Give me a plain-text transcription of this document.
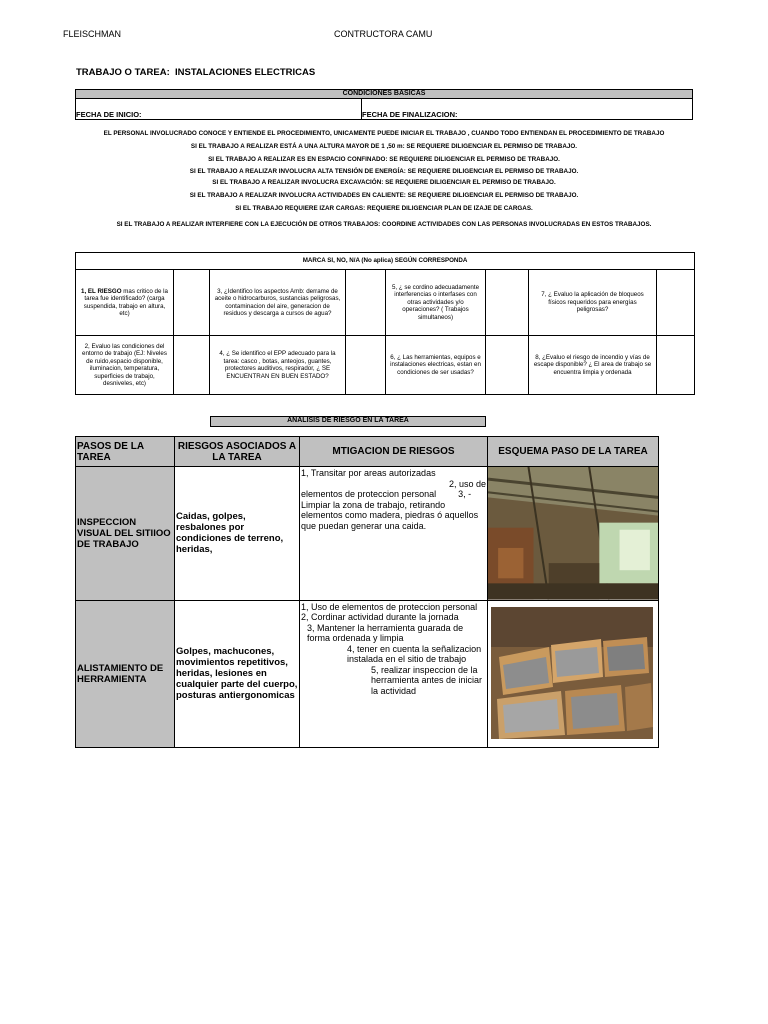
FLEISCHMAN	CONTRUCTORA CAMU
TRABAJO O TAREA: INSTALACIONES ELECTRICAS
CONDICIONES BASICAS
FECHA DE INICIO:	FECHA DE FINALIZACION:
EL PERSONAL INVOLUCRADO CONOCE Y ENTIENDE EL PROCEDIMIENTO, UNICAMENTE PUEDE INICIAR EL TRABAJO , CUANDO TODO ENTIENDAN EL PROCEDIMIENTO DE TRABAJO
SI EL TRABAJO A REALIZAR ESTÁ A UNA ALTURA MAYOR DE 1 ,50 m: SE REQUIERE DILIGENCIAR EL PERMISO DE TRABAJO.
SI EL TRABAJO A REALIZAR ES EN ESPACIO CONFINADO: SE REQUIERE DILIGENCIAR EL PERMISO DE TRABAJO.
SI EL TRABAJO A REALIZAR INVOLUCRA ALTA TENSIÓN DE ENERGÍA: SE REQUIERE DILIGENCIAR EL PERMISO DE TRABAJO.
SI EL TRABAJO A REALIZAR INVOLUCRA EXCAVACIÓN: SE REQUIERE DILIGENCIAR EL PERMISO DE TRABAJO.
SI EL TRABAJO A REALIZAR INVOLUCRA ACTIVIDADES EN CALIENTE: SE REQUIERE DILIGENCIAR EL PERMISO DE TRABAJO.
SI EL TRABAJO REQUIERE IZAR CARGAS: REQUIERE DILIGENCIAR PLAN DE IZAJE DE CARGAS.
SI EL TRABAJO A REALIZAR INTERFIERE CON LA EJECUCIÓN DE OTROS TRABAJOS: COORDINE ACTIVIDADES CON LAS PERSONAS INVOLUCRADAS EN ESTOS TRABAJOS.
MARCA SI, NO, N/A (No aplica) SEGÚN CORRESPONDA							
1, EL RIESGO mas critico de la tarea fue identificado? (carga suspendida, trabajo en altura, etc)		3, ¿Identifico los aspectos Amb: derrame de aceite o hidrocarburos, sustancias peligrosas, contaminacion del aire, generacion de residuos y descarga a cursos de agua?		5, ¿ se cordino adecuadamente interferencias o interfases con otras actividades y/o operaciones? ( Trabajos simultaneos)		7, ¿ Evaluo la aplicación de bloqueos físicos requeridos para energías peligrosas?	
2, Evaluo las condiciones del entorno de trabajo (EJ: Niveles de ruido,espacio disponible, iluminacion, temperatura, superficies de trabajo, desniveles, etc)		4, ¿ Se identifico el EPP adecuado para la tarea: casco , botas, anteojos, guantes, protectores auditivos, respirador, ¿ SE ENCUENTRAN EN BUEN ESTADO?		6, ¿ Las herramientas, equipos e instalaciones electricas, estan en condiciones de ser usadas?		8, ¿Evaluo el riesgo de incendio y vías de escape disponible? ¿ El area de trabajo se encuentra limpia y ordenada	
ANALISIS DE RIESGO EN LA TAREA
PASOS DE LA TAREA	RIESGOS ASOCIADOS A LA TAREA	MTIGACION DE RIESGOS	ESQUEMA PASO DE LA TAREA
INSPECCION VISUAL DEL SITIIOO DE TRABAJO	Caidas, golpes, resbalones por condiciones de terreno, heridas,	1, Transitar por areas autorizadas
2, uso de
elementos de proteccion personal 3, -
Limpiar la zona de trabajo, retirando elementos como madera, piedras ó aquellos que puedan generar una caida.

ALISTAMIENTO DE HERRAMIENTA	Golpes, machucones, movimientos repetitivos, heridas, lesiones en cualquier parte del cuerpo, posturas antiergonomicas	1, Uso de elementos de proteccion personal
2, Cordinar actividad durante la jornada
3, Mantener la herramienta guarada de forma ordenada y limpia
4, tener en cuenta la señalizacion instalada en el sitio de trabajo
5, realizar inspeccion de la herramienta antes de iniciar la actividad
